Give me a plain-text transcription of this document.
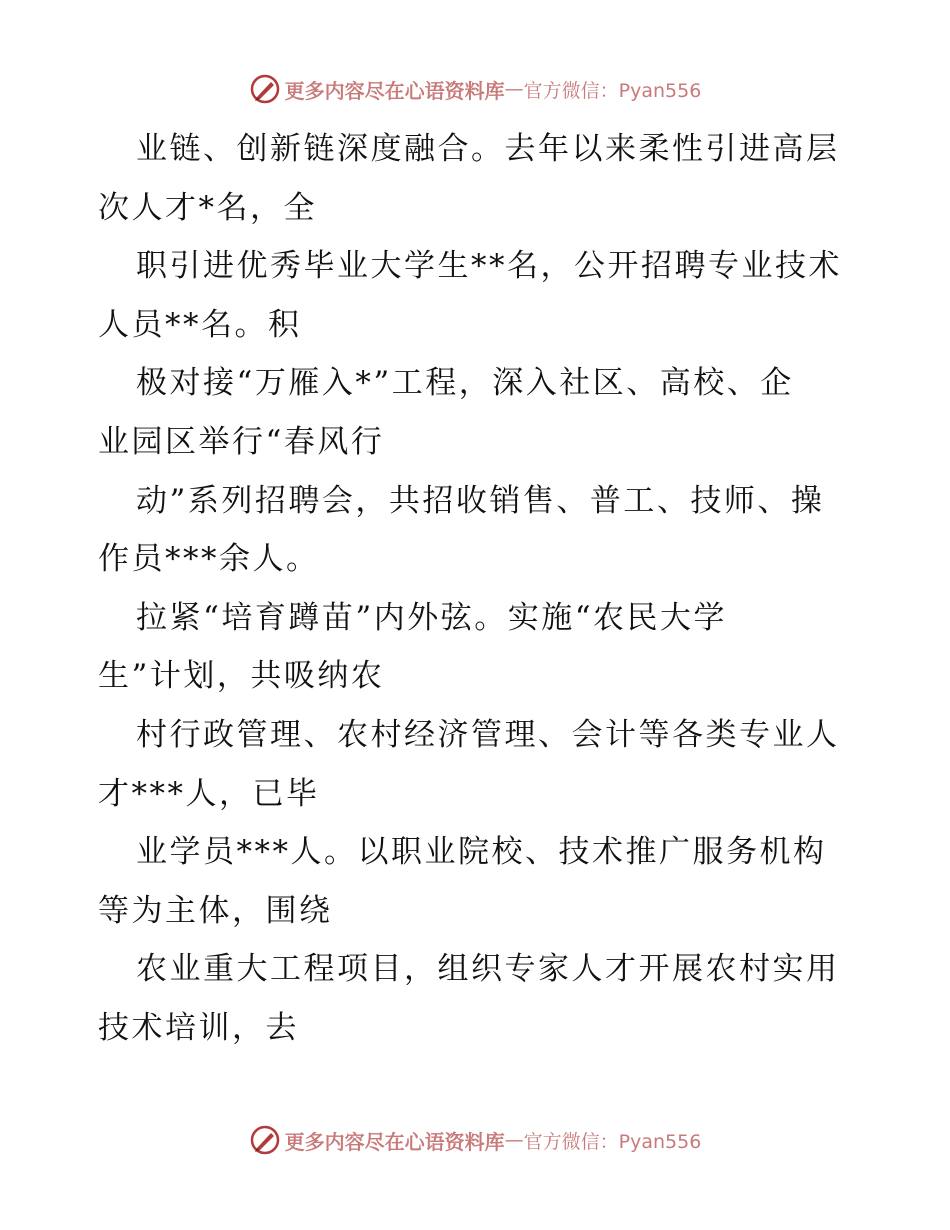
更多内容尽在心语资料库 — 官方微信：Pyan556
业链、创新链深度融合。去年以来柔性引进高层
次人才*名，全
职引进优秀毕业大学生**名，公开招聘专业技术
人员**名。积
极对接“万雁入*”工程，深入社区、高校、企
业园区举行“春风行
动”系列招聘会，共招收销售、普工、技师、操
作员***余人。
拉紧“培育蹲苗”内外弦。实施“农民大学
生”计划，共吸纳农
村行政管理、农村经济管理、会计等各类专业人
才***人，已毕
业学员***人。以职业院校、技术推广服务机构
等为主体，围绕
农业重大工程项目，组织专家人才开展农村实用
技术培训，去
更多内容尽在心语资料库 — 官方微信：Pyan556
